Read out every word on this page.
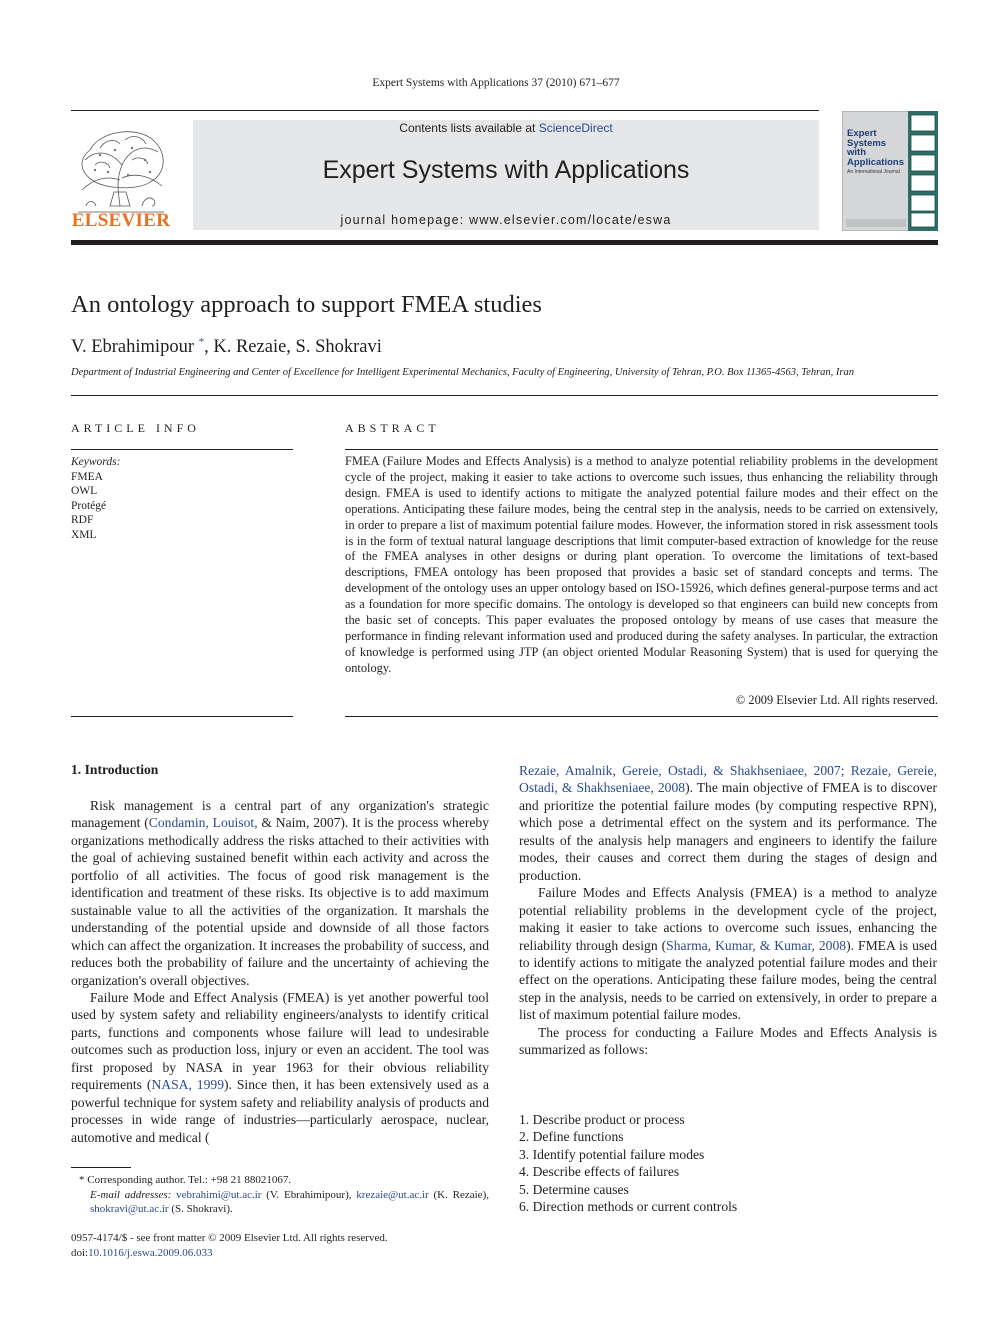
Expert Systems with Applications 37 (2010) 671–677
ELSEVIER
Contents lists available at ScienceDirect
Expert Systems with Applications
journal homepage: www.elsevier.com/locate/eswa
Expert
Systems
with
Applications
An International Journal
An ontology approach to support FMEA studies
V. Ebrahimipour *, K. Rezaie, S. Shokravi
Department of Industrial Engineering and Center of Excellence for Intelligent Experimental Mechanics, Faculty of Engineering, University of Tehran, P.O. Box 11365-4563, Tehran, Iran
ARTICLE INFO
Keywords:
FMEA
OWL
Protégé
RDF
XML
ABSTRACT
FMEA (Failure Modes and Effects Analysis) is a method to analyze potential reliability problems in the development cycle of the project, making it easier to take actions to overcome such issues, thus enhancing the reliability through design. FMEA is used to identify actions to mitigate the analyzed potential failure modes and their effect on the operations. Anticipating these failure modes, being the central step in the analysis, needs to be carried on extensively, in order to prepare a list of maximum potential failure modes. However, the information stored in risk assessment tools is in the form of textual natural language descriptions that limit computer-based extraction of knowledge for the reuse of the FMEA analyses in other designs or during plant operation. To overcome the limitations of text-based descriptions, FMEA ontology has been proposed that provides a basic set of standard concepts and terms. The development of the ontology uses an upper ontology based on ISO-15926, which defines general-purpose terms and act as a foundation for more specific domains. The ontology is developed so that engineers can build new concepts from the basic set of concepts. This paper evaluates the proposed ontology by means of use cases that measure the performance in finding relevant information used and produced during the safety analyses. In particular, the extraction of knowledge is performed using JTP (an object oriented Modular Reasoning System) that is used for querying the ontology.
© 2009 Elsevier Ltd. All rights reserved.
1. Introduction

Risk management is a central part of any organization's strategic management (Condamin, Louisot, & Naim, 2007). It is the process whereby organizations methodically address the risks attached to their activities with the goal of achieving sustained benefit within each activity and across the portfolio of all activities. The focus of good risk management is the identification and treatment of these risks. Its objective is to add maximum sustainable value to all the activities of the organization. It marshals the understanding of the potential upside and downside of all those factors which can affect the organization. It increases the probability of success, and reduces both the probability of failure and the uncertainty of achieving the organization's overall objectives.

Failure Mode and Effect Analysis (FMEA) is yet another powerful tool used by system safety and reliability engineers/analysts to identify critical parts, functions and components whose failure will lead to undesirable outcomes such as production loss, injury or even an accident. The tool was first proposed by NASA in year 1963 for their obvious reliability requirements (NASA, 1999). Since then, it has been extensively used as a powerful technique for system safety and reliability analysis of products and processes in wide range of industries—particularly aerospace, nuclear, automotive and medical (

Rezaie, Amalnik, Gereie, Ostadi, & Shakhseniaee, 2007; Rezaie, Gereie, Ostadi, & Shakhseniaee, 2008). The main objective of FMEA is to discover and prioritize the potential failure modes (by computing respective RPN), which pose a detrimental effect on the system and its performance. The results of the analysis help managers and engineers to identify the failure modes, their causes and correct them during the stages of design and production.

Failure Modes and Effects Analysis (FMEA) is a method to analyze potential reliability problems in the development cycle of the project, making it easier to take actions to overcome such issues, enhancing the reliability through design (Sharma, Kumar, & Kumar, 2008). FMEA is used to identify actions to mitigate the analyzed potential failure modes and their effect on the operations. Anticipating these failure modes, being the central step in the analysis, needs to be carried on extensively, in order to prepare a list of maximum potential failure modes.

The process for conducting a Failure Modes and Effects Analysis is summarized as follows:

1. Describe product or process
2. Define functions
3. Identify potential failure modes
4. Describe effects of failures
5. Determine causes
6. Direction methods or current controls
* Corresponding author. Tel.: +98 21 88021067.
E-mail addresses: vebrahimi@ut.ac.ir (V. Ebrahimipour), krezaie@ut.ac.ir (K. Rezaie), shokravi@ut.ac.ir (S. Shokravi).
0957-4174/$ - see front matter © 2009 Elsevier Ltd. All rights reserved.
doi:10.1016/j.eswa.2009.06.033
